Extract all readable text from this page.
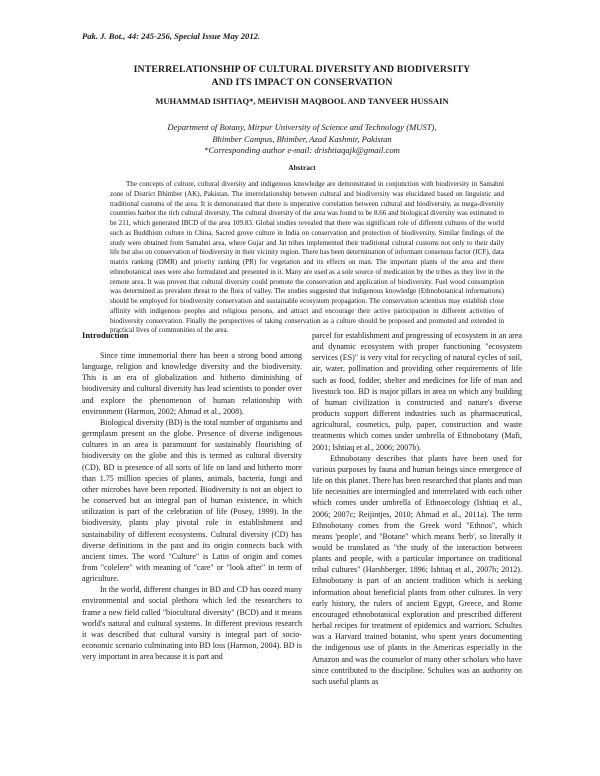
Pak. J. Bot., 44: 245-256, Special Issue May 2012.
INTERRELATIONSHIP OF CULTURAL DIVERSITY AND BIODIVERSITY
AND ITS IMPACT ON CONSERVATION
MUHAMMAD ISHTIAQ*, MEHVISH MAQBOOL AND TANVEER HUSSAIN
Department of Botany, Mirpur University of Science and Technology (MUST),
Bhimber Campus, Bhimber, Azad Kashmir, Pakistan
*Corresponding author e-mail: drishtiaqajk@gmail.com
Abstract

The concepts of culture, cultural diversity and indigenous knowledge are demonstrated in conjunction with biodiversity in Samahni zone of District Bhimber (AK), Pakistan. The interrelationship between cultural and biodiversity was elucidated based on linguistic and traditional customs of the area. It is demonstrated that there is imperative correlation between cultural and biodiversity, as mega-diversity countries harbor the rich cultural diversity. The cultural diversity of the area was found to be 8.66 and biological diversity was estimated to be 211, which generated IBCD of the area 109.83. Global studies revealed that there was significant role of different cultures of the world such as Buddhism culture in China, Sacred grove culture in India on conservation and protection of biodiversity. Similar findings of the study were obtained from Samahni area, where Gujar and Jat tribes implemented their traditional cultural customs not only to their daily life but also on conservation of biodiversity in their vicinity region. There has been determination of informant consensus factor (ICF), data matrix ranking (DMR) and priority ranking (PR) for vegetation and its effects on man. The important plants of the area and there ethnobotanical uses were also formulated and presented in it. Many are used as a sole source of medication by the tribes as they live in the remote area. It was proven that cultural diversity could promote the conservation and application of biodiversity. Fuel wood consumption was determined as prevalent threat to the flora of valley. The studies suggested that indigenous knowledge (Ethnobotanical informations) should be employed for biodiversity conservation and sustainable ecosystem propagation. The conservation scientists may establish close affinity with indigenous peoples and religious persons, and attract and encourage their active participation in different activities of biodiversity conservation. Finally the perspectives of taking conservation as a culture should be proposed and promoted and extended in practical lives of communities of the area.

Introduction

Since time immemorial there has been a strong bond among language, religion and knowledge diversity and the biodiversity. This is an era of globalization and hitherto diminishing of biodiversity and cultural diversity has lead scientists to ponder over and explore the phenomenon of human relationship with environment (Harmon, 2002; Ahmad et al., 2008).

Biological diversity (BD) is the total number of organisms and germplasm present on the globe. Presence of diverse indigenous cultures in an area is paramount for sustainably flourishing of biodiversity on the globe and this is termed as cultural diversity (CD). BD is presence of all sorts of life on land and hitherto more than 1.75 million species of plants, animals, bacteria, fungi and other microbes have been reported. Biodiversity is not an object to be conserved but an integral part of human existence, in which utilization is part of the celebration of life (Posey, 1999). In the biodiversity, plants play pivotal role in establishment and sustainability of different ecosystems. Cultural diversity (CD) has diverse definitions in the past and its origin connects back with ancient times. The word "Culture" is Latin of origin and comes from "colelere" with meaning of "care" or "look after" in term of agriculture.

In the world, different changes in BD and CD has oozed many environmental and social plethora which led the researchers to frame a new field called "biocultural diversity" (BCD) and it means world's natural and cultural systems. In different previous research it was described that cultural varsity is integral part of socio-economic scenario culminating into BD loss (Harmon, 2004). BD is very important in area because it is part and

parcel for establishment and progressing of ecosystem in an area and dynamic ecosystem with proper functioning "ecosystem services (ES)" is very vital for recycling of natural cycles of soil, air, water, pollination and providing other requirements of life such as food, fodder, shelter and medicines for life of man and livestock too. BD is major pillars in area on which any building of human civilization is constructed and nature's diverse products support different industries such as pharmaceutical, agricultural, cosmetics, pulp, paper, construction and waste treatments which comes under umbrella of Ethnobotany (Mafi, 2001; Ishtiaq et al., 2006; 2007b).

Ethnobotany describes that plants have been used for various purposes by fauna and human beings since emergence of life on this planet. There has been researched that plants and man life necessities are intermingled and interrelated with each other which comes under umbrella of Ethnoecology (Ishtiaq et al., 2006; 2007c; Reijintjes, 2010; Ahmad et al., 2011a). The term Ethnobotany comes from the Greek word "Ethnos", which means 'people', and "Botane" which means 'herb', so literally it would be translated as "the study of the interaction between plants and people, with a particular importance on traditional tribal cultures" (Harshberger, 1896; Ishtiaq et al., 2007b; 2012). Ethnobotany is part of an ancient tradition which is seeking information about beneficial plants from other cultures. In very early history, the rulers of ancient Egypt, Greece, and Rome encouraged ethnobotanical exploration and prescribed different herbal recipes for treatment of epidemics and warriors. Schultes was a Harvard trained botanist, who spent years documenting the indigenous use of plants in the Americas especially in the Amazon and was the counselor of many other scholars who have since contributed to the discipline. Schultes was an authority on such useful plants as
